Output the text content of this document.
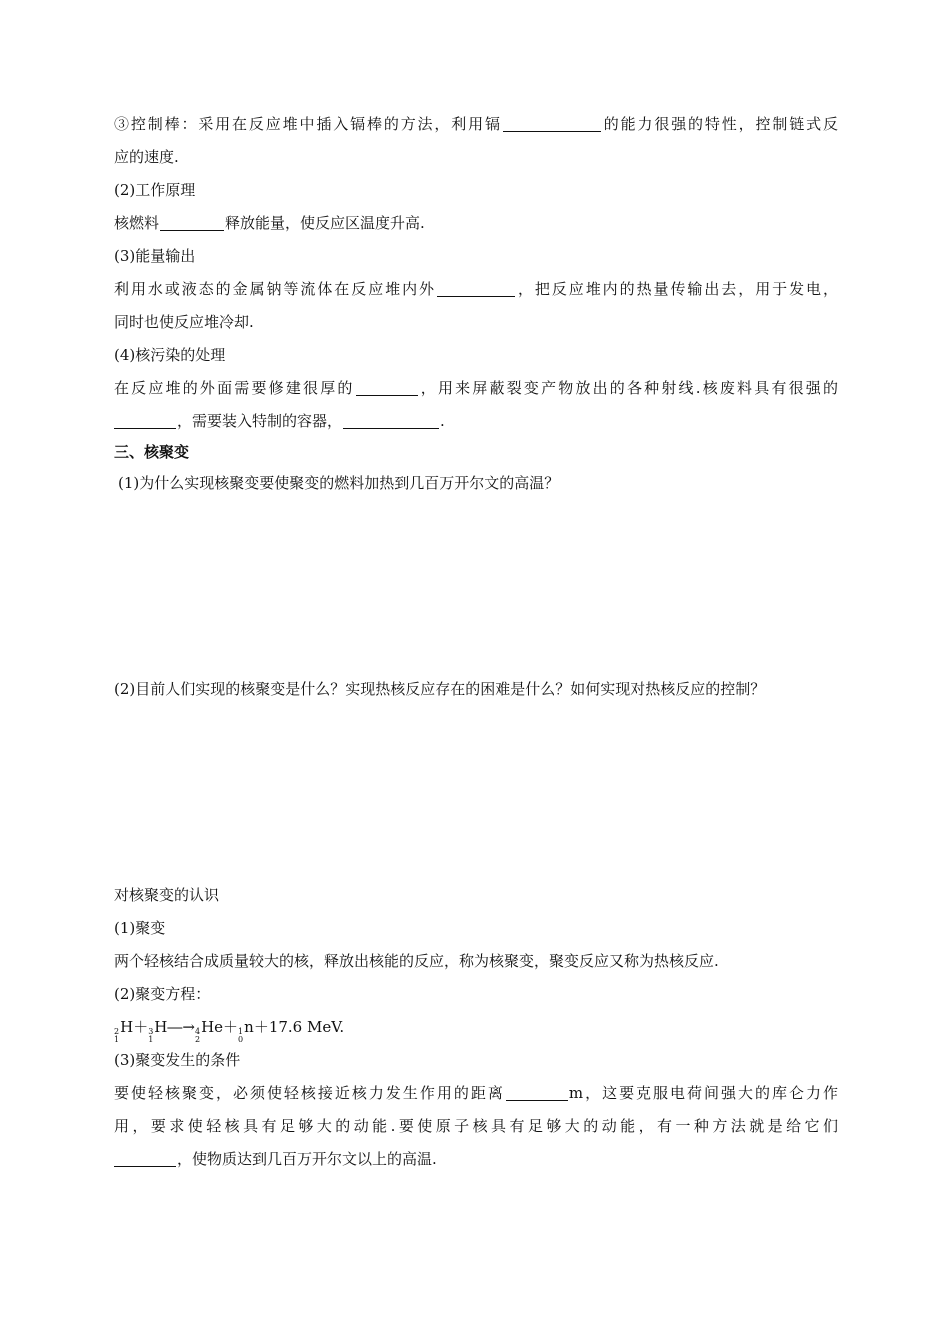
③控制棒：采用在反应堆中插入镉棒的方法，利用镉	的能力很强的特性，控制链式反
应的速度.
(2)工作原理
核燃料	释放能量，使反应区温度升高.
(3)能量输出
利用水或液态的金属钠等流体在反应堆内外	，把反应堆内的热量传输出去，用于发电，
同时也使反应堆冷却.
(4)核污染的处理
在反应堆的外面需要修建很厚的	，用来屏蔽裂变产物放出的各种射线.核废料具有很强的
，需要装入特制的容器，	.
三、核聚变
(1)为什么实现核聚变要使聚变的燃料加热到几百万开尔文的高温？
(2)目前人们实现的核聚变是什么？实现热核反应存在的困难是什么？如何实现对热核反应的控制？
对核聚变的认识
(1)聚变
两个轻核结合成质量较大的核，释放出核能的反应，称为核聚变，聚变反应又称为热核反应.
(2)聚变方程：
2
1
H＋ 3
1
H―→ 4
2
He＋ 1
0
n＋17.6 MeV.
(3)聚变发生的条件
要使轻核聚变，必须使轻核接近核力发生作用的距离	m，这要克服电荷间强大的库仑力作
用，要求使轻核具有足够大的动能.要使原子核具有足够大的动能，有一种方法就是给它们
，使物质达到几百万开尔文以上的高温.
